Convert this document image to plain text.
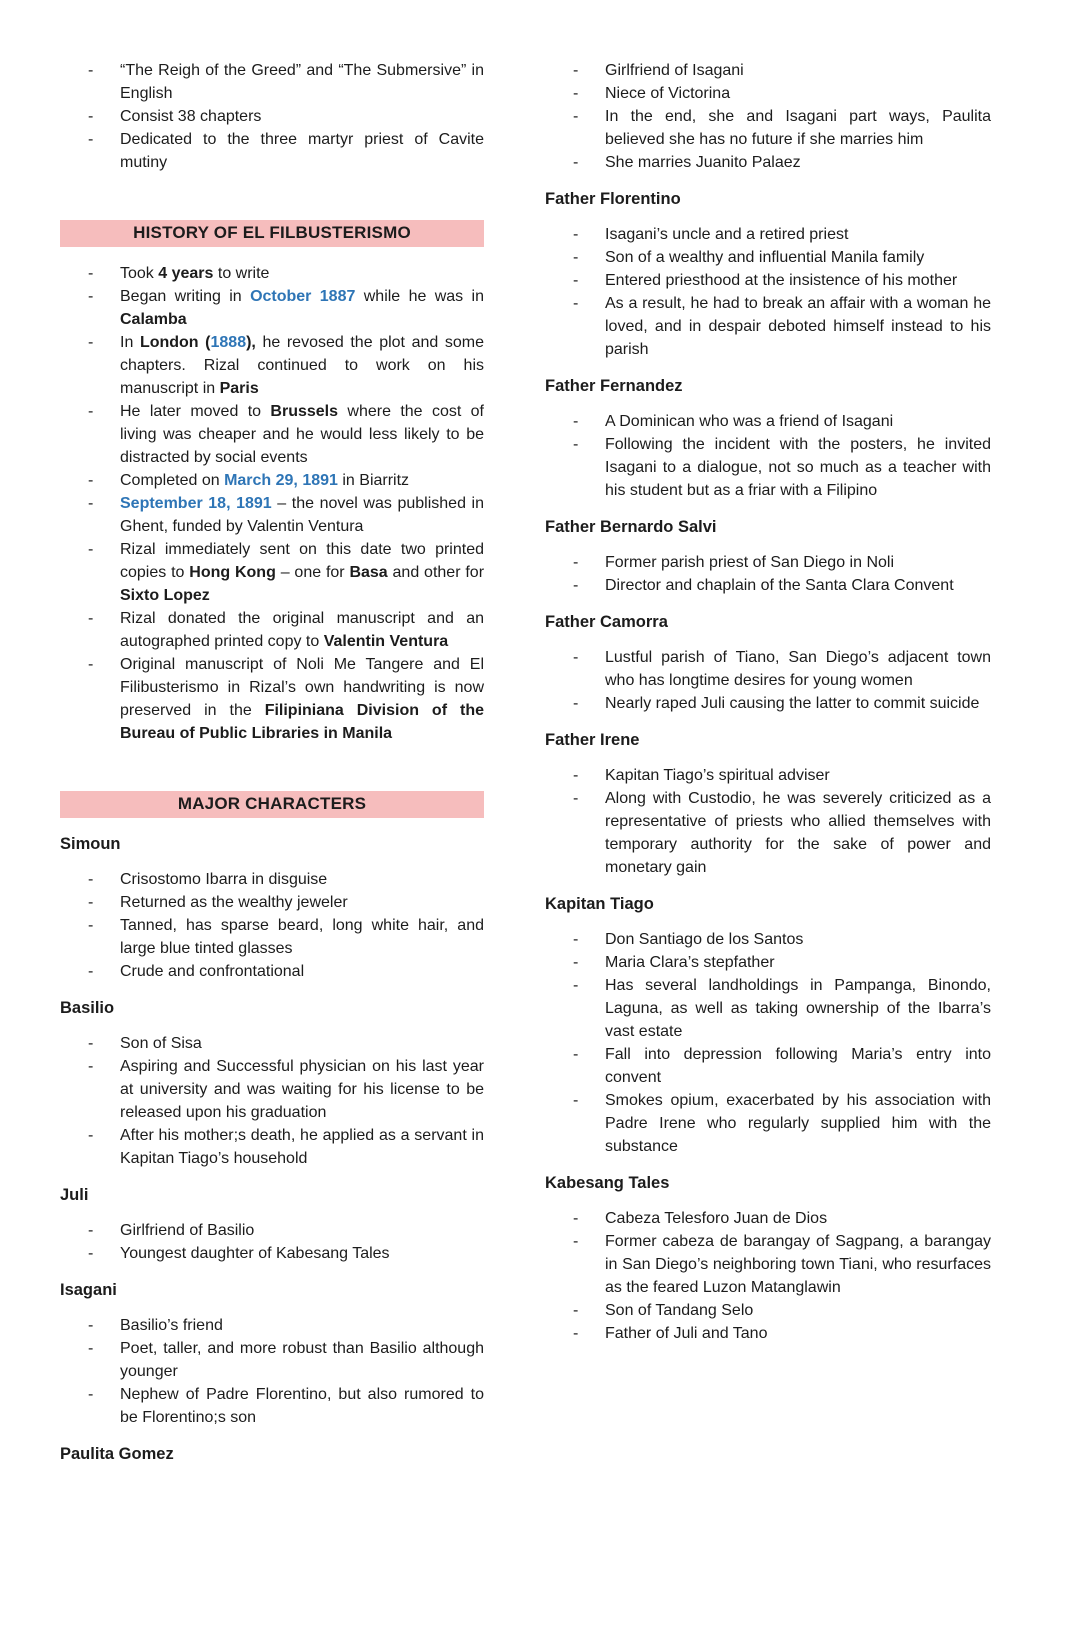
-	“The Reigh of the Greed” and “The Submersive” in English
-	Consist 38 chapters
-	Dedicated to the three martyr priest of Cavite mutiny
HISTORY OF EL FILBUSTERISMO
-	Took 4 years to write
-	Began writing in October 1887 while he was in Calamba
-	In London (1888), he revosed the plot and some chapters. Rizal continued to work on his manuscript in Paris
-	He later moved to Brussels where the cost of living was cheaper and he would less likely to be distracted by social events
-	Completed on March 29, 1891 in Biarritz
-	September 18, 1891 – the novel was published in Ghent, funded by Valentin Ventura
-	Rizal immediately sent on this date two printed copies to Hong Kong – one for Basa and other for Sixto Lopez
-	Rizal donated the original manuscript and an autographed printed copy to Valentin Ventura
-	Original manuscript of Noli Me Tangere and El Filibusterismo in Rizal’s own handwriting is now preserved in the Filipiniana Division of the Bureau of Public Libraries in Manila
MAJOR CHARACTERS
Simoun
-	Crisostomo Ibarra in disguise
-	Returned as the wealthy jeweler
-	Tanned, has sparse beard, long white hair, and large blue tinted glasses
-	Crude and confrontational
Basilio
-	Son of Sisa
-	Aspiring and Successful physician on his last year at university and was waiting for his license to be released upon his graduation
-	After his mother;s death, he applied as a servant in Kapitan Tiago’s household
Juli
-	Girlfriend of Basilio
-	Youngest daughter of Kabesang Tales
Isagani
-	Basilio’s friend
-	Poet, taller, and more robust than Basilio although younger
-	Nephew of Padre Florentino, but also rumored to be Florentino;s son
Paulita Gomez
-	Girlfriend of Isagani
-	Niece of Victorina
-	In the end, she and Isagani part ways, Paulita believed she has no future if she marries him
-	She marries Juanito Palaez
Father Florentino
-	Isagani’s uncle and a retired priest
-	Son of a wealthy and influential Manila family
-	Entered priesthood at the insistence of his mother
-	As a result, he had to break an affair with a woman he loved, and in despair deboted himself instead to his parish
Father Fernandez
-	A Dominican who was a friend of Isagani
-	Following the incident with the posters, he invited Isagani to a dialogue, not so much as a teacher with his student but as a friar with a Filipino
Father Bernardo Salvi
-	Former parish priest of San Diego in Noli
-	Director and chaplain of the Santa Clara Convent
Father Camorra
-	Lustful parish of Tiano, San Diego’s adjacent town who has longtime desires for young women
-	Nearly raped Juli causing the latter to commit suicide
Father Irene
-	Kapitan Tiago’s spiritual adviser
-	Along with Custodio, he was severely criticized as a representative of priests who allied themselves with temporary authority for the sake of power and monetary gain
Kapitan Tiago
-	Don Santiago de los Santos
-	Maria Clara’s stepfather
-	Has several landholdings in Pampanga, Binondo, Laguna, as well as taking ownership of the Ibarra’s vast estate
-	Fall into depression following Maria’s entry into convent
-	Smokes opium, exacerbated by his association with Padre Irene who regularly supplied him with the substance
Kabesang Tales
-	Cabeza Telesforo Juan de Dios
-	Former cabeza de barangay of Sagpang, a barangay in San Diego’s neighboring town Tiani, who resurfaces as the feared Luzon Matanglawin
-	Son of Tandang Selo
-	Father of Juli and Tano
